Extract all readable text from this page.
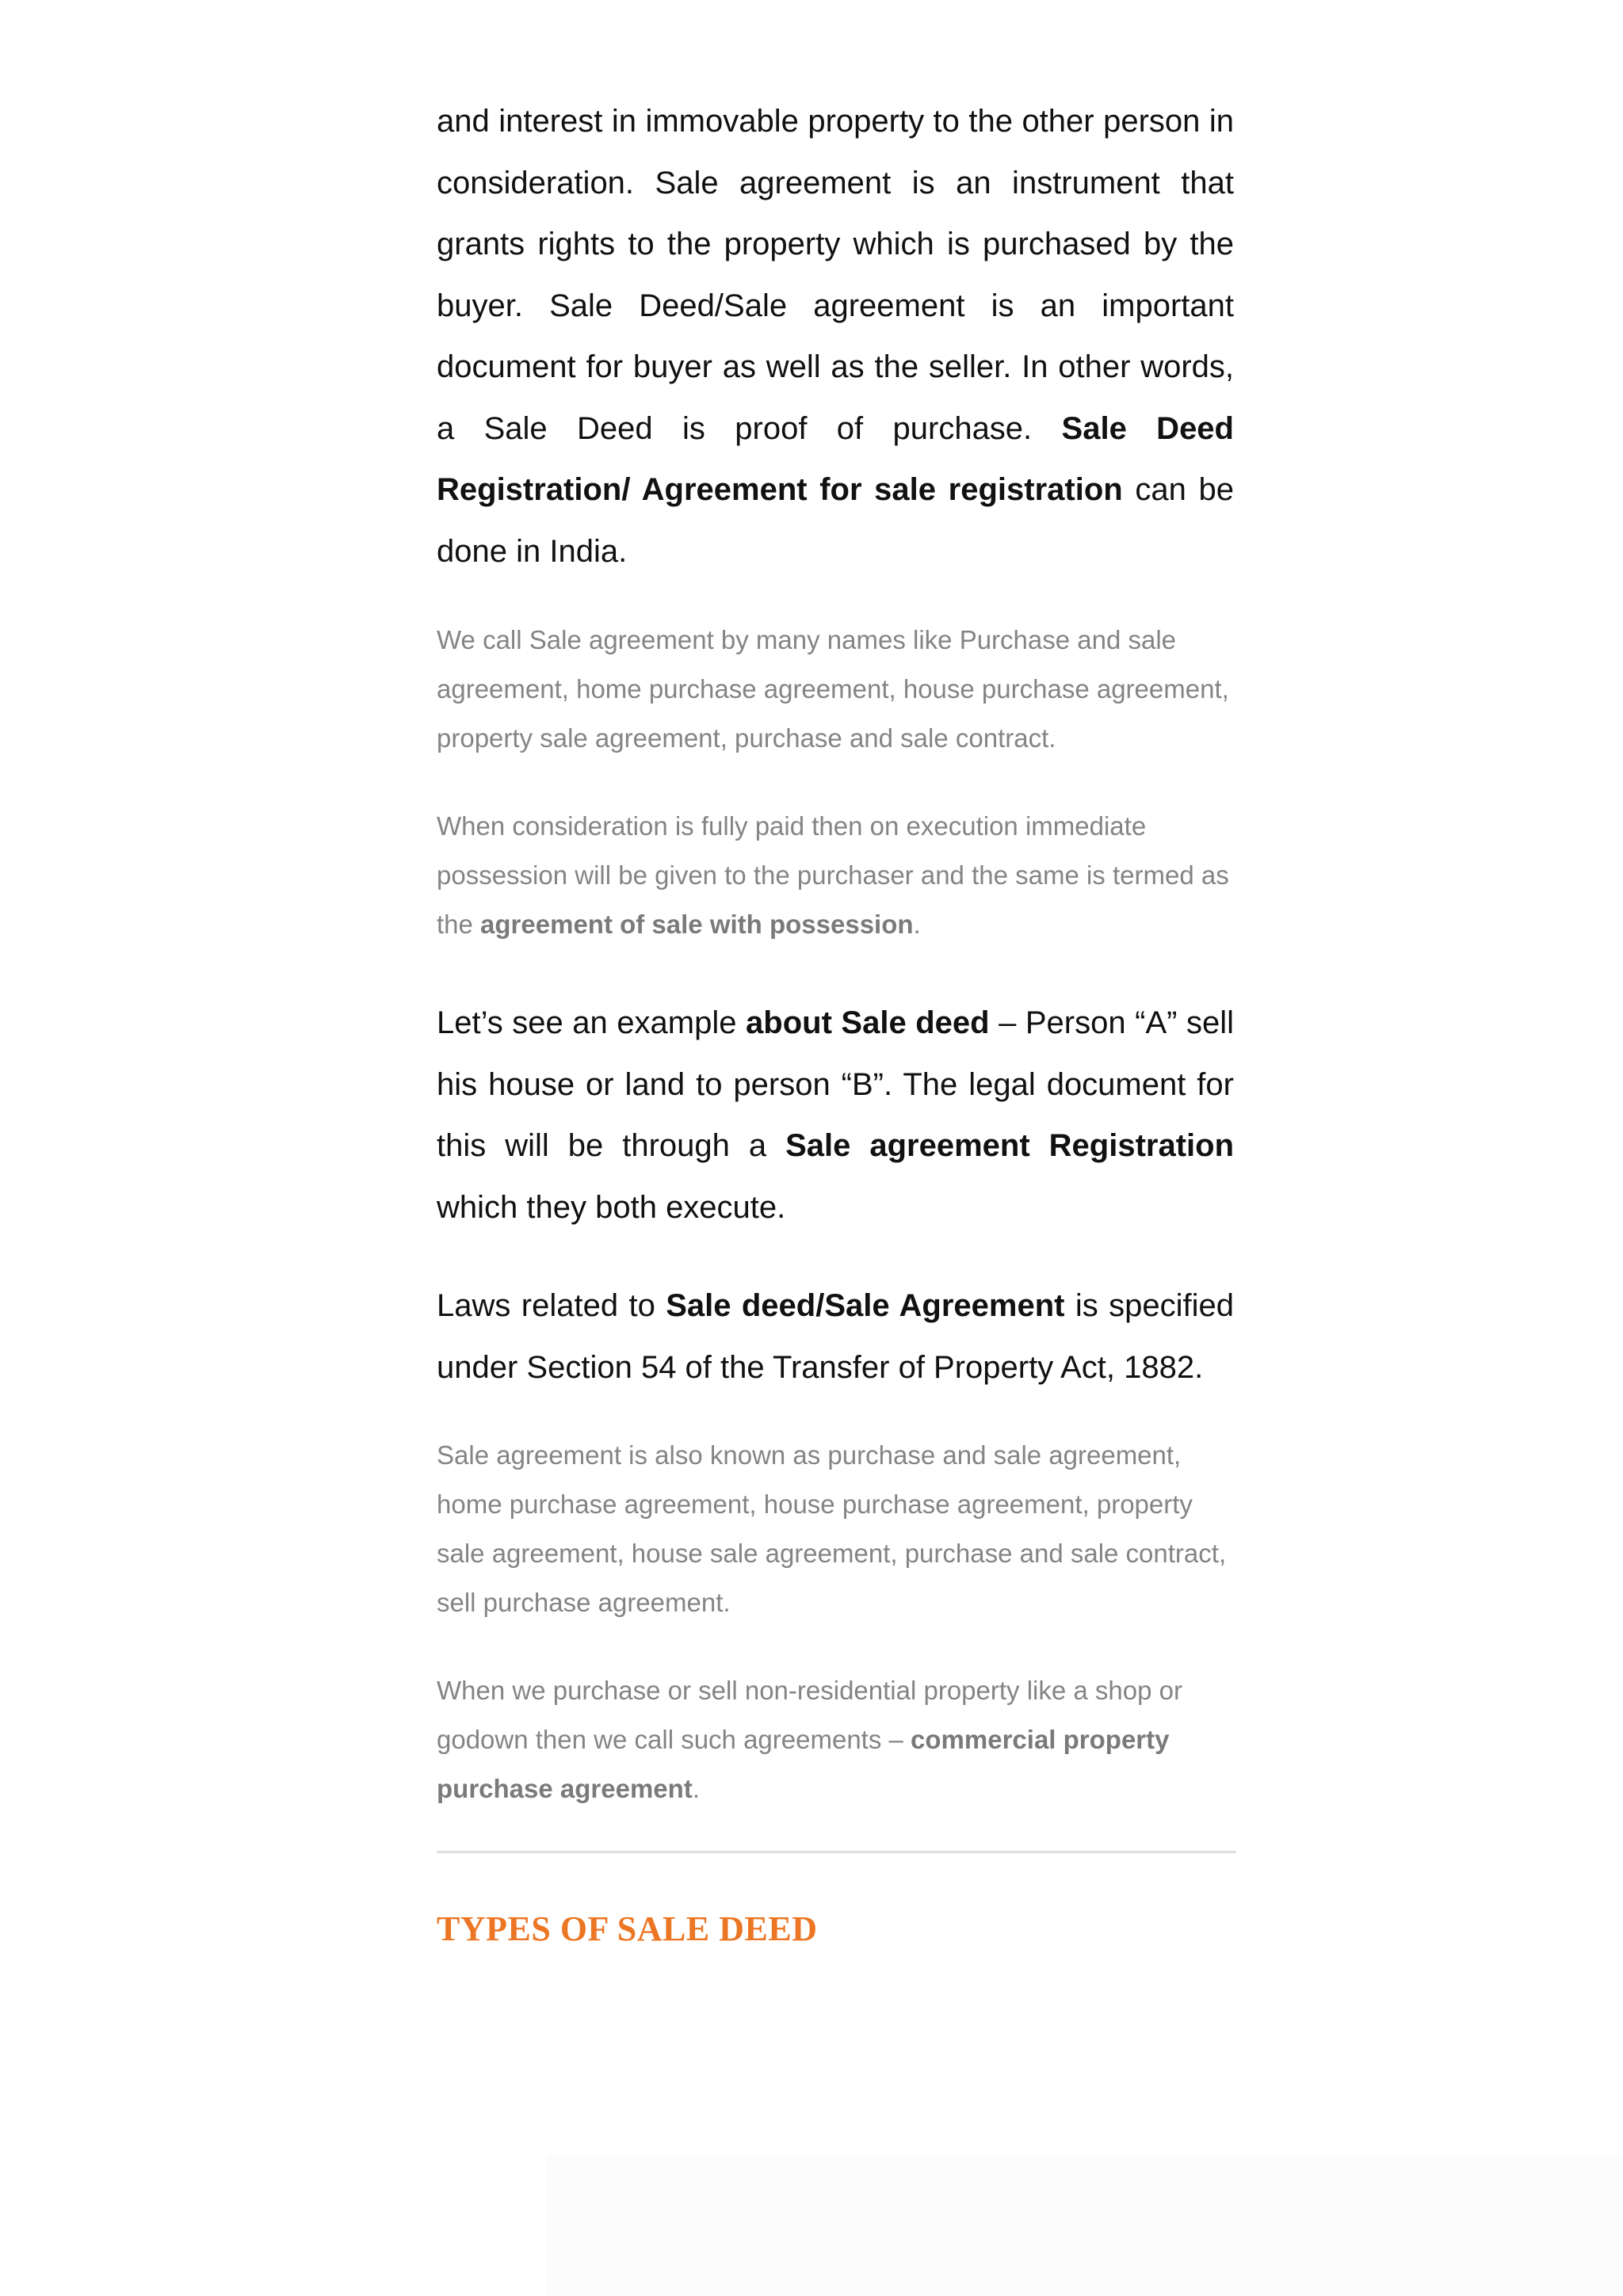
and interest in immovable property to the other person in consideration. Sale agreement is an instrument that grants rights to the property which is purchased by the buyer. Sale Deed/Sale agreement is an important document for buyer as well as the seller. In other words, a Sale Deed is proof of purchase. Sale Deed Registration/ Agreement for sale registration can be done in India.

We call Sale agreement by many names like Purchase and sale agreement, home purchase agreement, house purchase agreement, property sale agreement, purchase and sale contract.

When consideration is fully paid then on execution immediate possession will be given to the purchaser and the same is termed as the agreement of sale with possession.

Let’s see an example about Sale deed – Person “A” sell his house or land to person “B”. The legal document for this will be through a Sale agreement Registration which they both execute.

Laws related to Sale deed/Sale Agreement is specified under Section 54 of the Transfer of Property Act, 1882.

Sale agreement is also known as purchase and sale agreement, home purchase agreement, house purchase agreement, property sale agreement, house sale agreement, purchase and sale contract, sell purchase agreement.

When we purchase or sell non-residential property like a shop or godown then we call such agreements – commercial property purchase agreement.

TYPES OF SALE DEED
